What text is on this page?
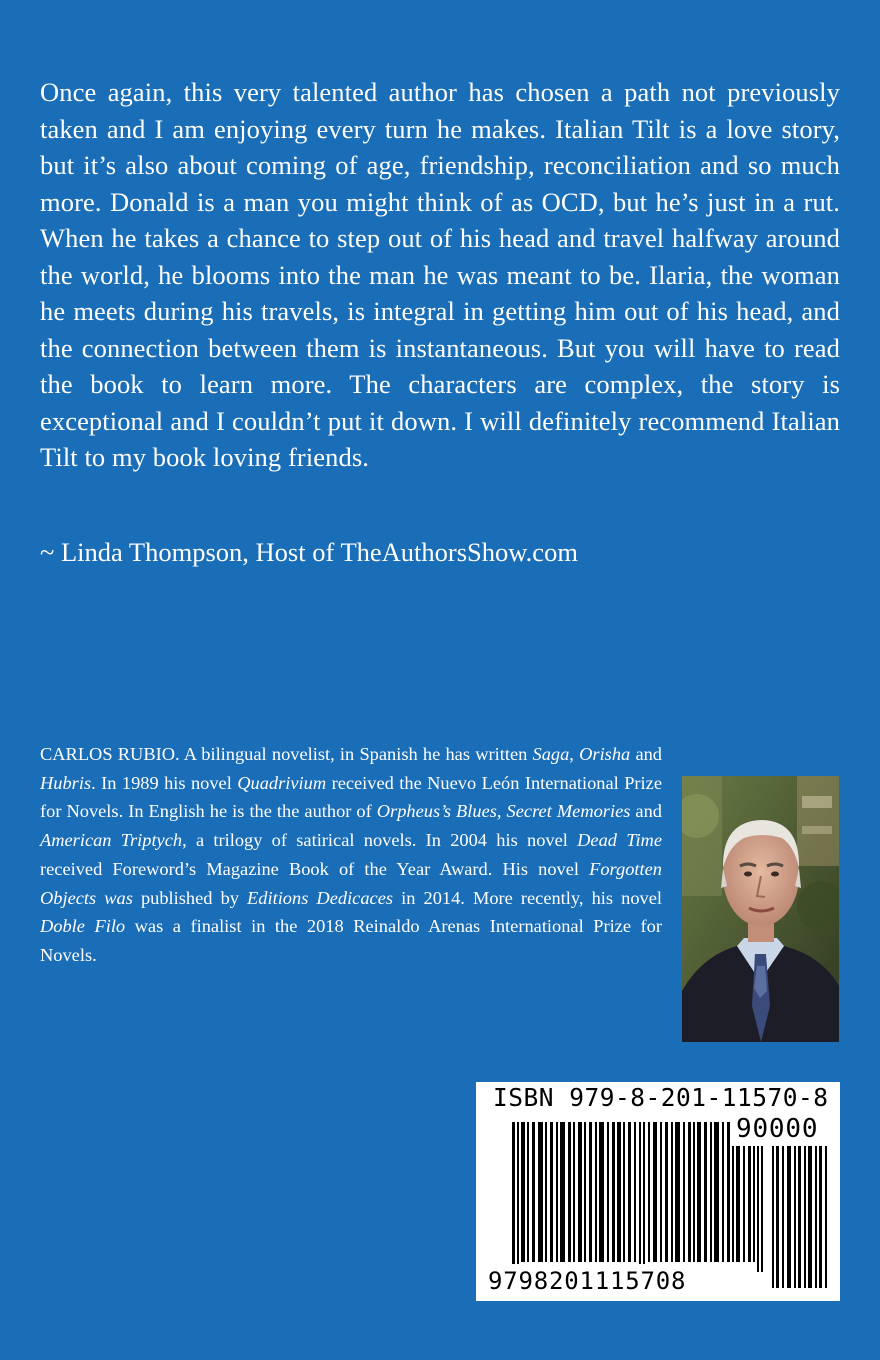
Once again, this very talented author has chosen a path not previously taken and I am enjoying every turn he makes. Italian Tilt is a love story, but it’s also about coming of age, friendship, reconciliation and so much more. Donald is a man you might think of as OCD, but he’s just in a rut. When he takes a chance to step out of his head and travel halfway around the world, he blooms into the man he was meant to be. Ilaria, the woman he meets during his travels, is integral in getting him out of his head, and the connection between them is instantaneous. But you will have to read the book to learn more. The characters are complex, the story is exceptional and I couldn’t put it down. I will definitely recommend Italian Tilt to my book loving friends.

~ Linda Thompson, Host of TheAuthorsShow.com
CARLOS RUBIO. A bilingual novelist, in Spanish he has written Saga, Orisha and Hubris. In 1989 his novel Quadrivium received the Nuevo León International Prize for Novels. In English he is the the author of Orpheus’s Blues, Secret Memories and American Triptych, a trilogy of satirical novels. In 2004 his novel Dead Time received Foreword’s Magazine Book of the Year Award. His novel Forgotten Objects was published by Editions Dedicaces in 2014. More recently, his novel Doble Filo was a finalist in the 2018 Reinaldo Arenas International Prize for Novels.
ISBN 979-8-201-11570-8
90000
9798201115708
